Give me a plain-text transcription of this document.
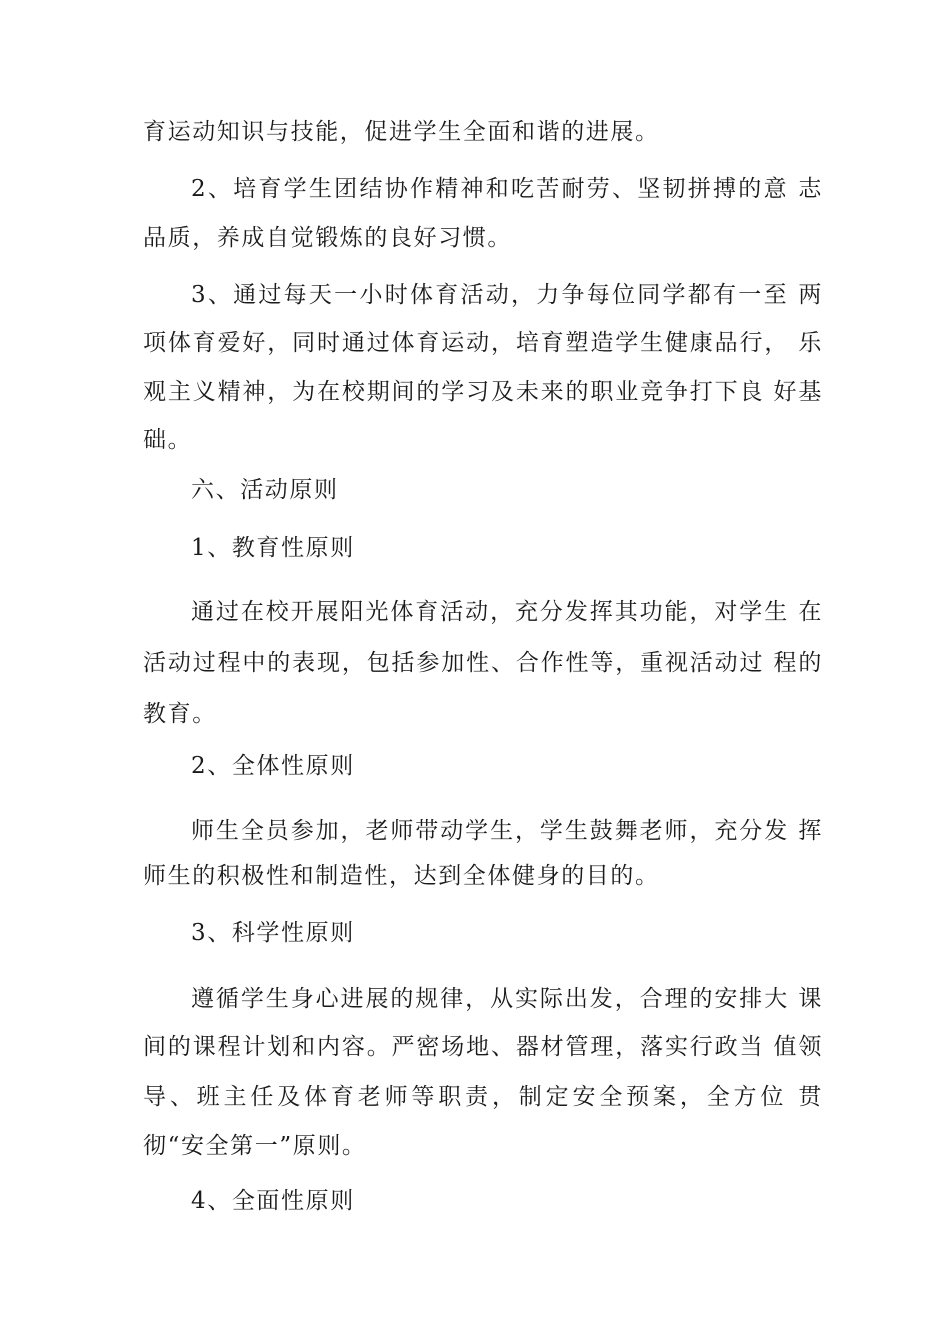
育运动知识与技能，促进学生全面和谐的进展。
2、培育学生团结协作精神和吃苦耐劳、坚韧拼搏的意 志
品质，养成自觉锻炼的良好习惯。
3、通过每天一小时体育活动，力争每位同学都有一至 两
项体育爱好，同时通过体育运动，培育塑造学生健康品行， 乐
观主义精神，为在校期间的学习及未来的职业竞争打下良 好基
础。
六、活动原则
1、教育性原则
通过在校开展阳光体育活动，充分发挥其功能，对学生 在
活动过程中的表现，包括参加性、合作性等，重视活动过 程的
教育。
2、全体性原则
师生全员参加，老师带动学生，学生鼓舞老师，充分发 挥
师生的积极性和制造性，达到全体健身的目的。
3、科学性原则
遵循学生身心进展的规律，从实际出发，合理的安排大 课
间的课程计划和内容。严密场地、器材管理，落实行政当 值领
导、班主任及体育老师等职责，制定安全预案，全方位 贯
彻“安全第一”原则。
4、全面性原则
